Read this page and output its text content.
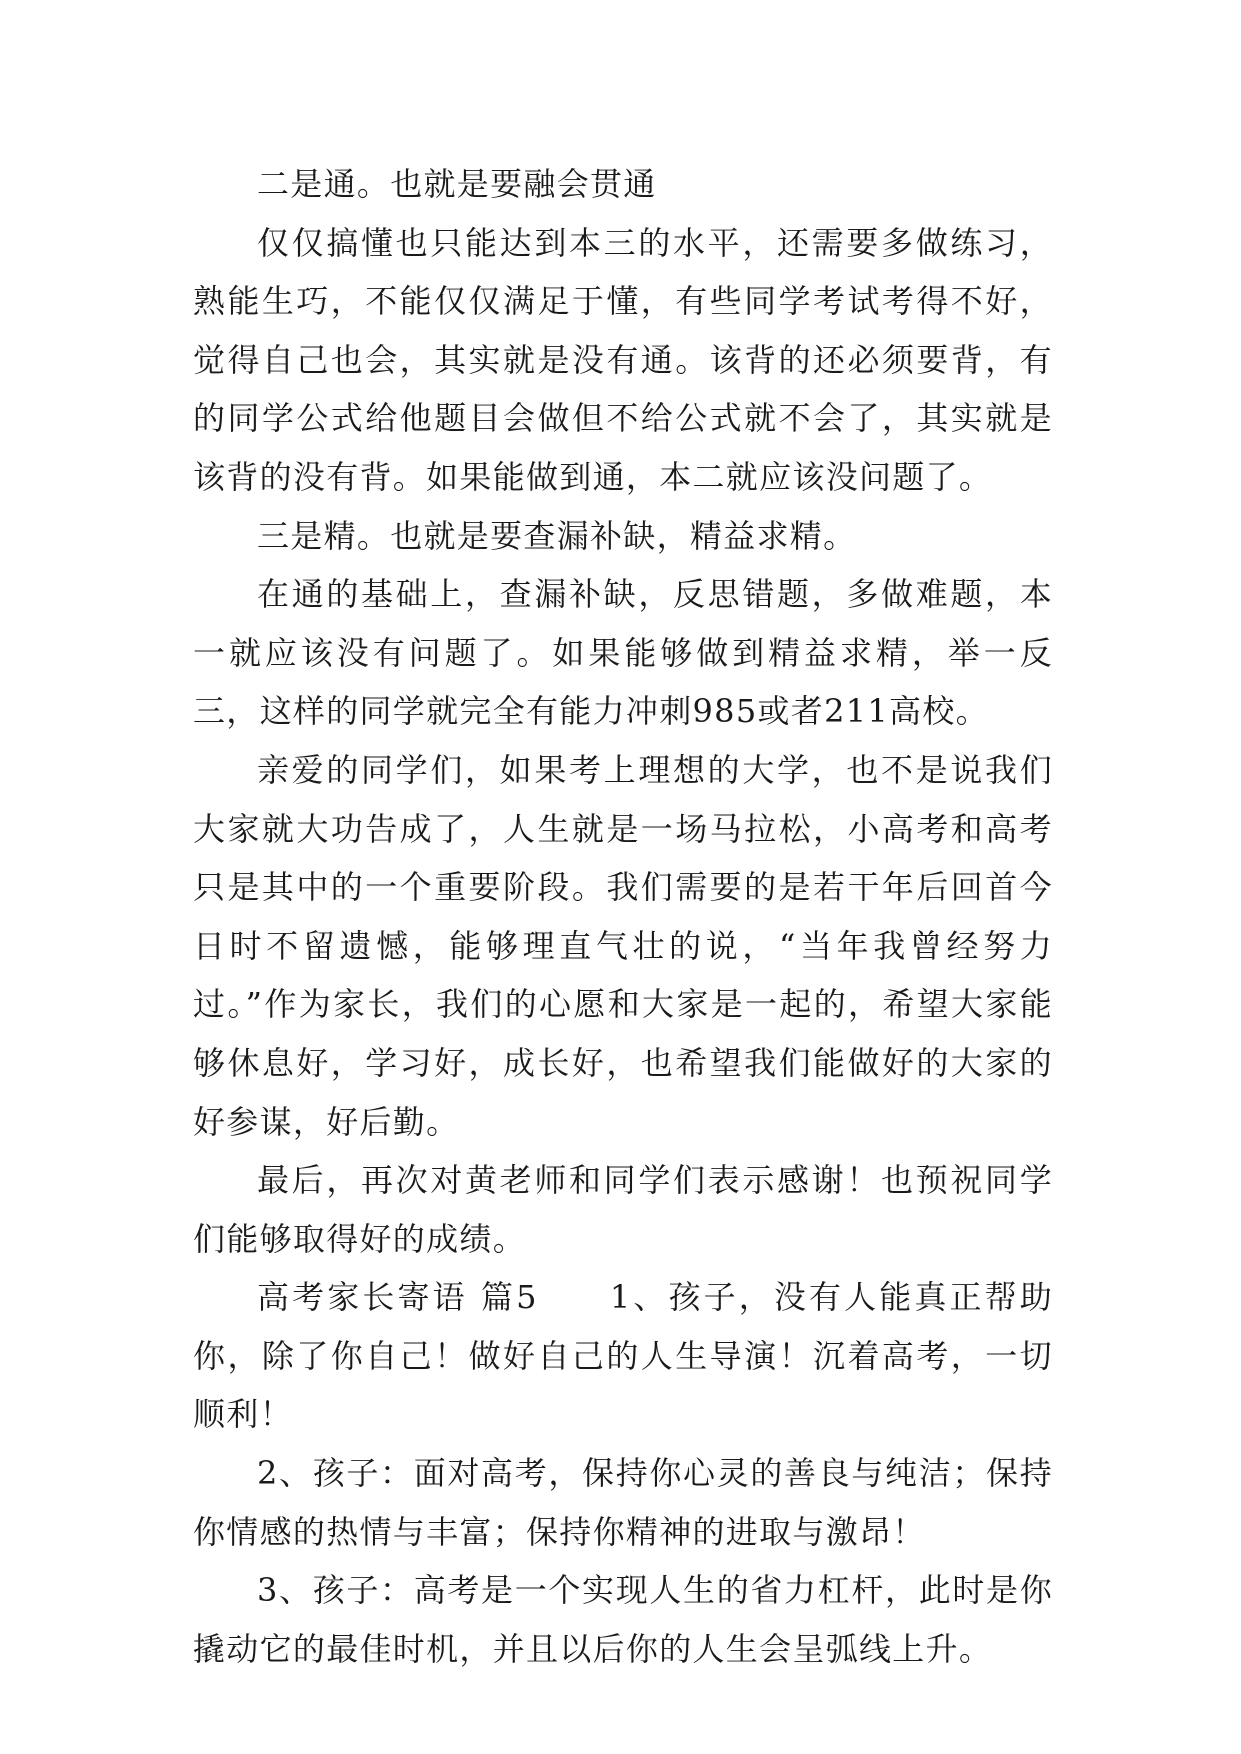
二是通。也就是要融会贯通

仅仅搞懂也只能达到本三的水平，还需要多做练习，熟能生巧，不能仅仅满足于懂，有些同学考试考得不好，觉得自己也会，其实就是没有通。该背的还必须要背，有的同学公式给他题目会做但不给公式就不会了，其实就是该背的没有背。如果能做到通，本二就应该没问题了。

三是精。也就是要查漏补缺，精益求精。

在通的基础上，查漏补缺，反思错题，多做难题，本一就应该没有问题了。如果能够做到精益求精，举一反三，这样的同学就完全有能力冲刺985或者211高校。

亲爱的同学们，如果考上理想的大学，也不是说我们大家就大功告成了，人生就是一场马拉松，小高考和高考只是其中的一个重要阶段。我们需要的是若干年后回首今日时不留遗憾，能够理直气壮的说，“当年我曾经努力过。”作为家长，我们的心愿和大家是一起的，希望大家能够休息好，学习好，成长好，也希望我们能做好的大家的好参谋，好后勤。

最后，再次对黄老师和同学们表示感谢！也预祝同学们能够取得好的成绩。

高考家长寄语 篇5　　1、孩子，没有人能真正帮助你，除了你自己！做好自己的人生导演！沉着高考，一切顺利！

2、孩子：面对高考，保持你心灵的善良与纯洁；保持你情感的热情与丰富；保持你精神的进取与激昂！

3、孩子：高考是一个实现人生的省力杠杆，此时是你撬动它的最佳时机，并且以后你的人生会呈弧线上升。
